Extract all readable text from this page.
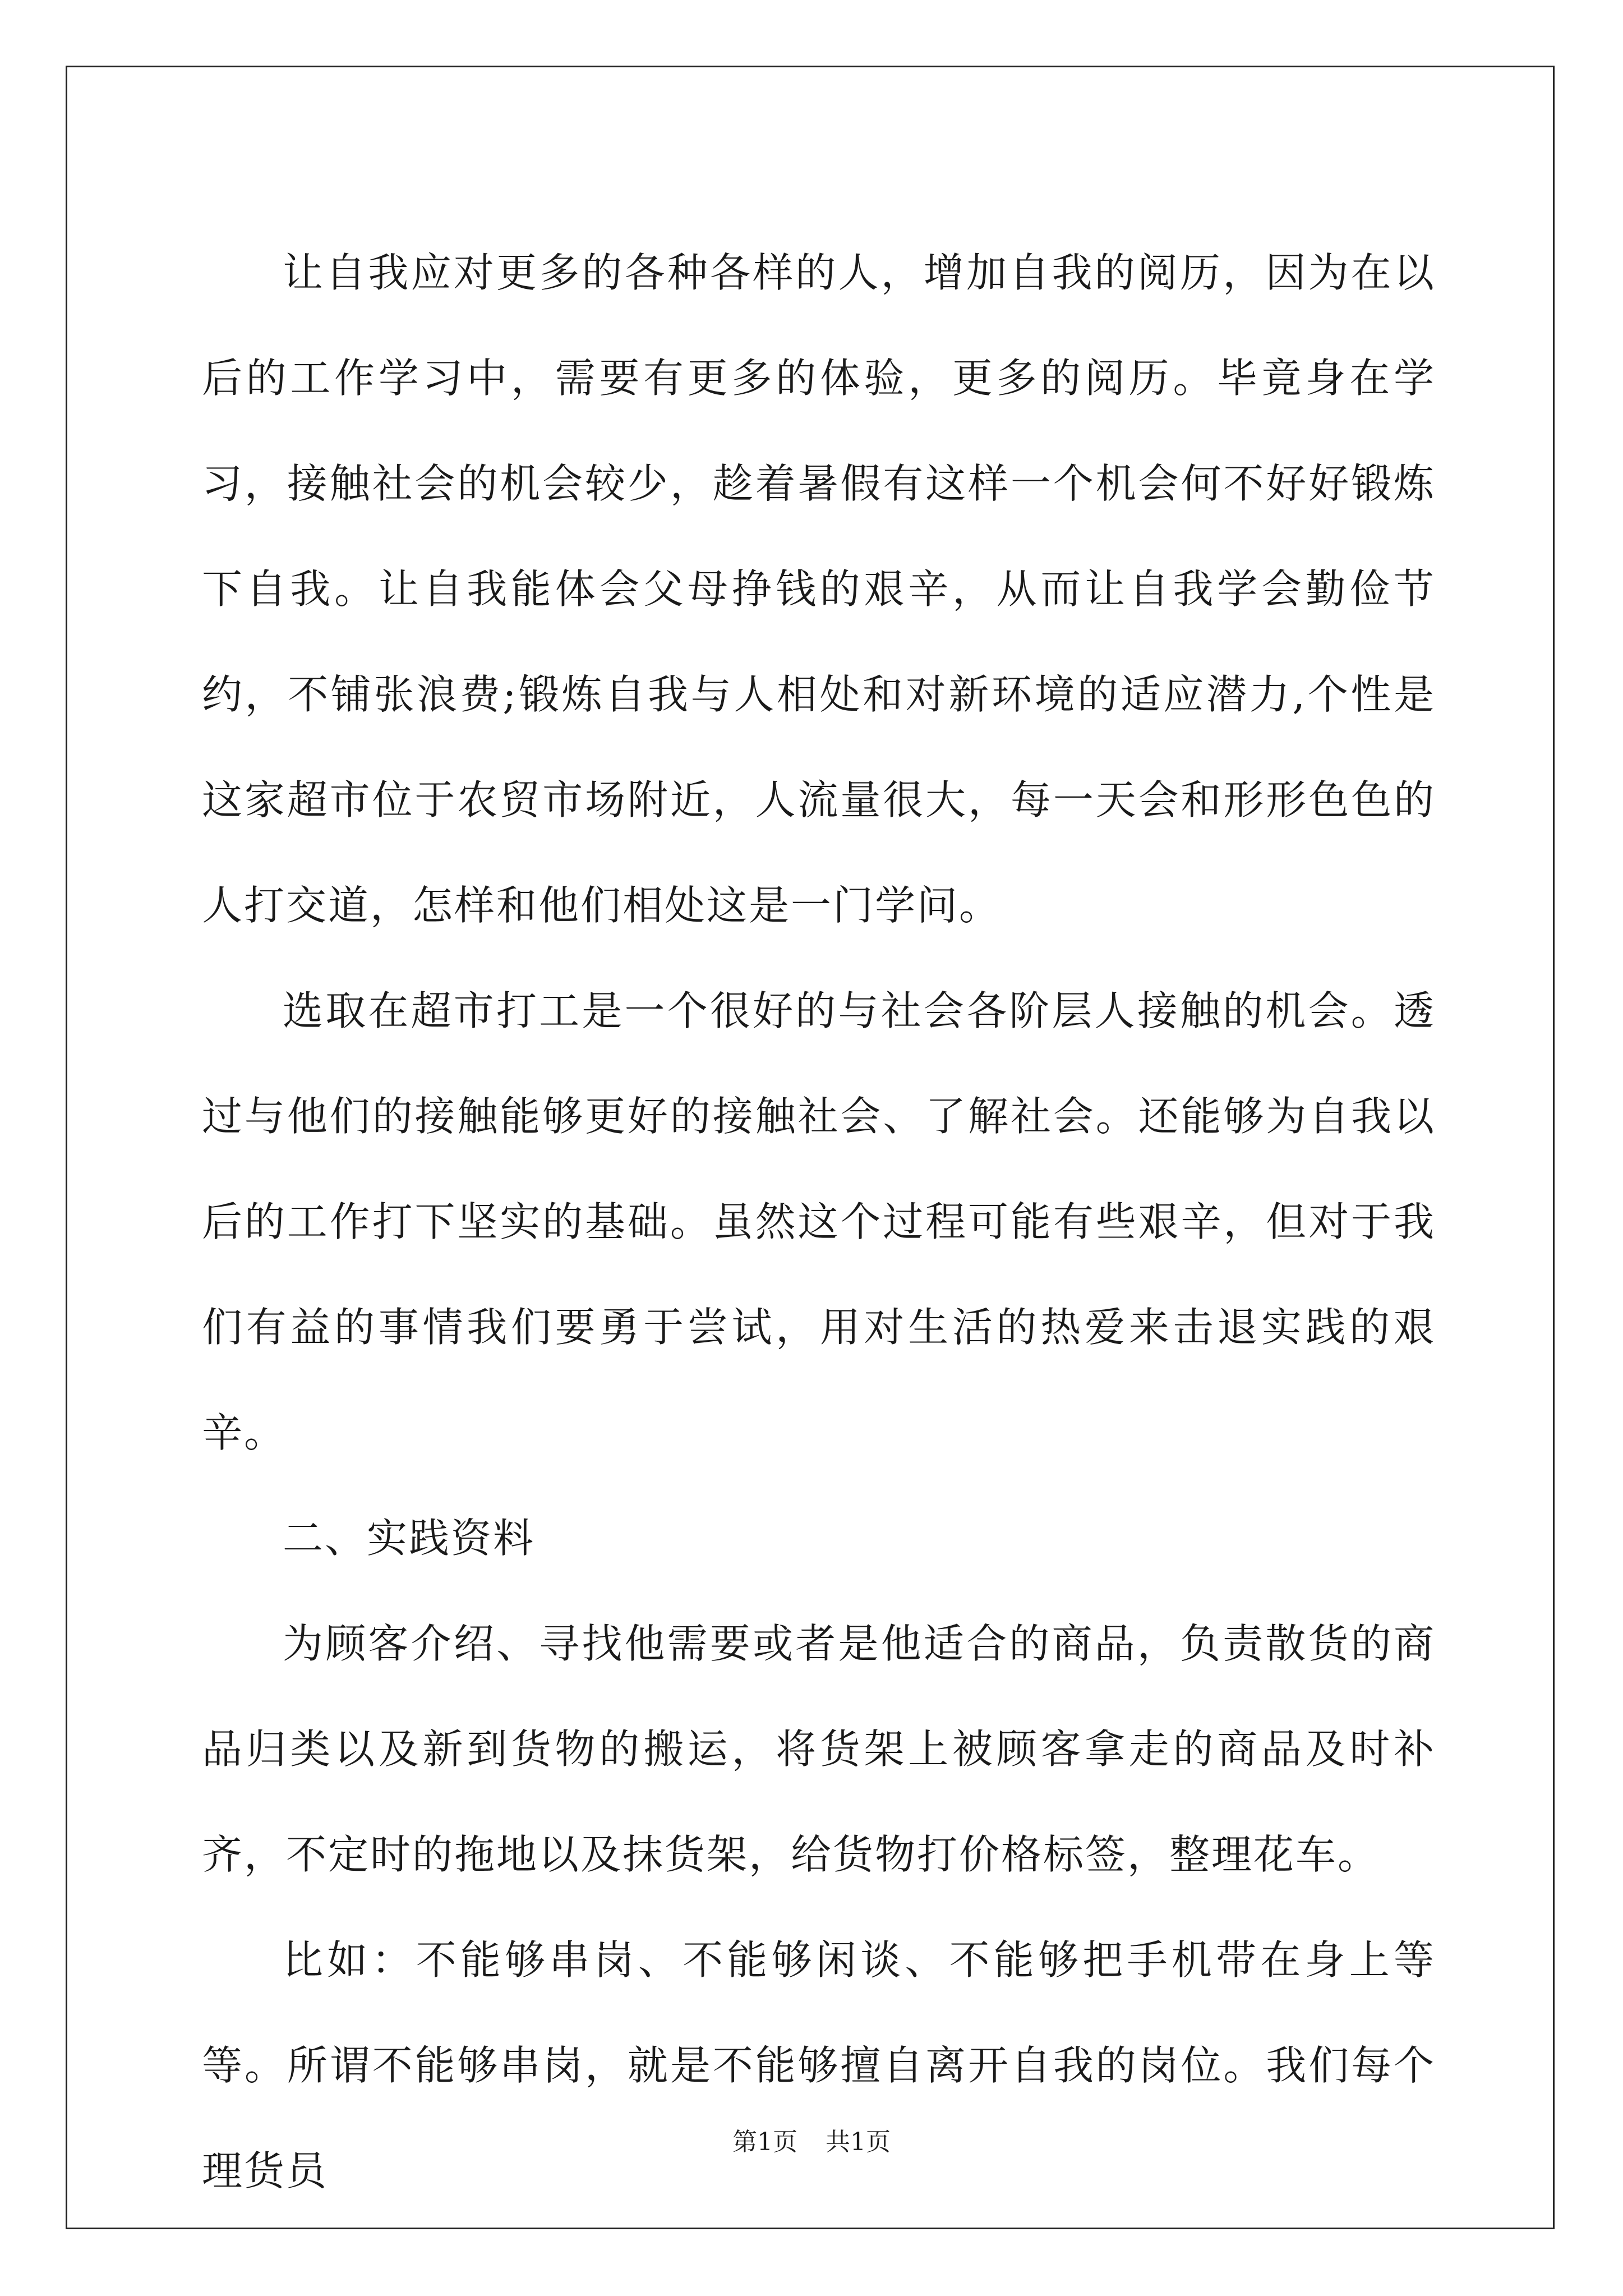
让自我应对更多的各种各样的人，增加自我的阅历，因为在以后的工作学习中，需要有更多的体验，更多的阅历。毕竟身在学习，接触社会的机会较少，趁着暑假有这样一个机会何不好好锻炼下自我。让自我能体会父母挣钱的艰辛，从而让自我学会勤俭节约，不铺张浪费;锻炼自我与人相处和对新环境的适应潜力,个性是这家超市位于农贸市场附近，人流量很大，每一天会和形形色色的人打交道，怎样和他们相处这是一门学问。

选取在超市打工是一个很好的与社会各阶层人接触的机会。透过与他们的接触能够更好的接触社会、了解社会。还能够为自我以后的工作打下坚实的基础。虽然这个过程可能有些艰辛，但对于我们有益的事情我们要勇于尝试，用对生活的热爱来击退实践的艰辛。

二、实践资料

为顾客介绍、寻找他需要或者是他适合的商品，负责散货的商品归类以及新到货物的搬运，将货架上被顾客拿走的商品及时补齐，不定时的拖地以及抹货架，给货物打价格标签，整理花车。

比如：不能够串岗、不能够闲谈、不能够把手机带在身上等等。所谓不能够串岗，就是不能够擅自离开自我的岗位。我们每个理货员

第1页 共1页
